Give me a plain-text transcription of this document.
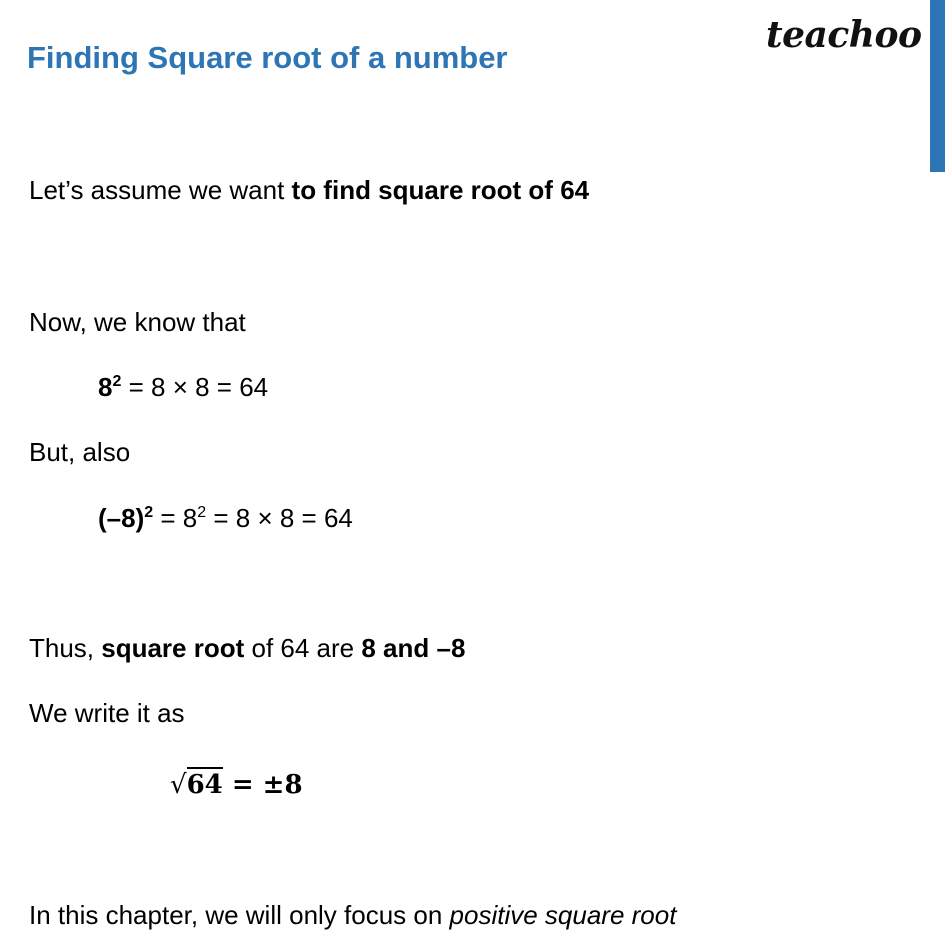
Finding Square root of a number
teachoo
Let’s assume we want to find square root of 64
Now, we know that
$8^2 = 8 \times 8 = 64$
But, also
$(-8)^2 = 8^2 = 8 \times 8 = 64$
Thus, square root of 64 are 8 and –8
We write it as
√64 = ±8
In this chapter, we will only focus on positive square root
